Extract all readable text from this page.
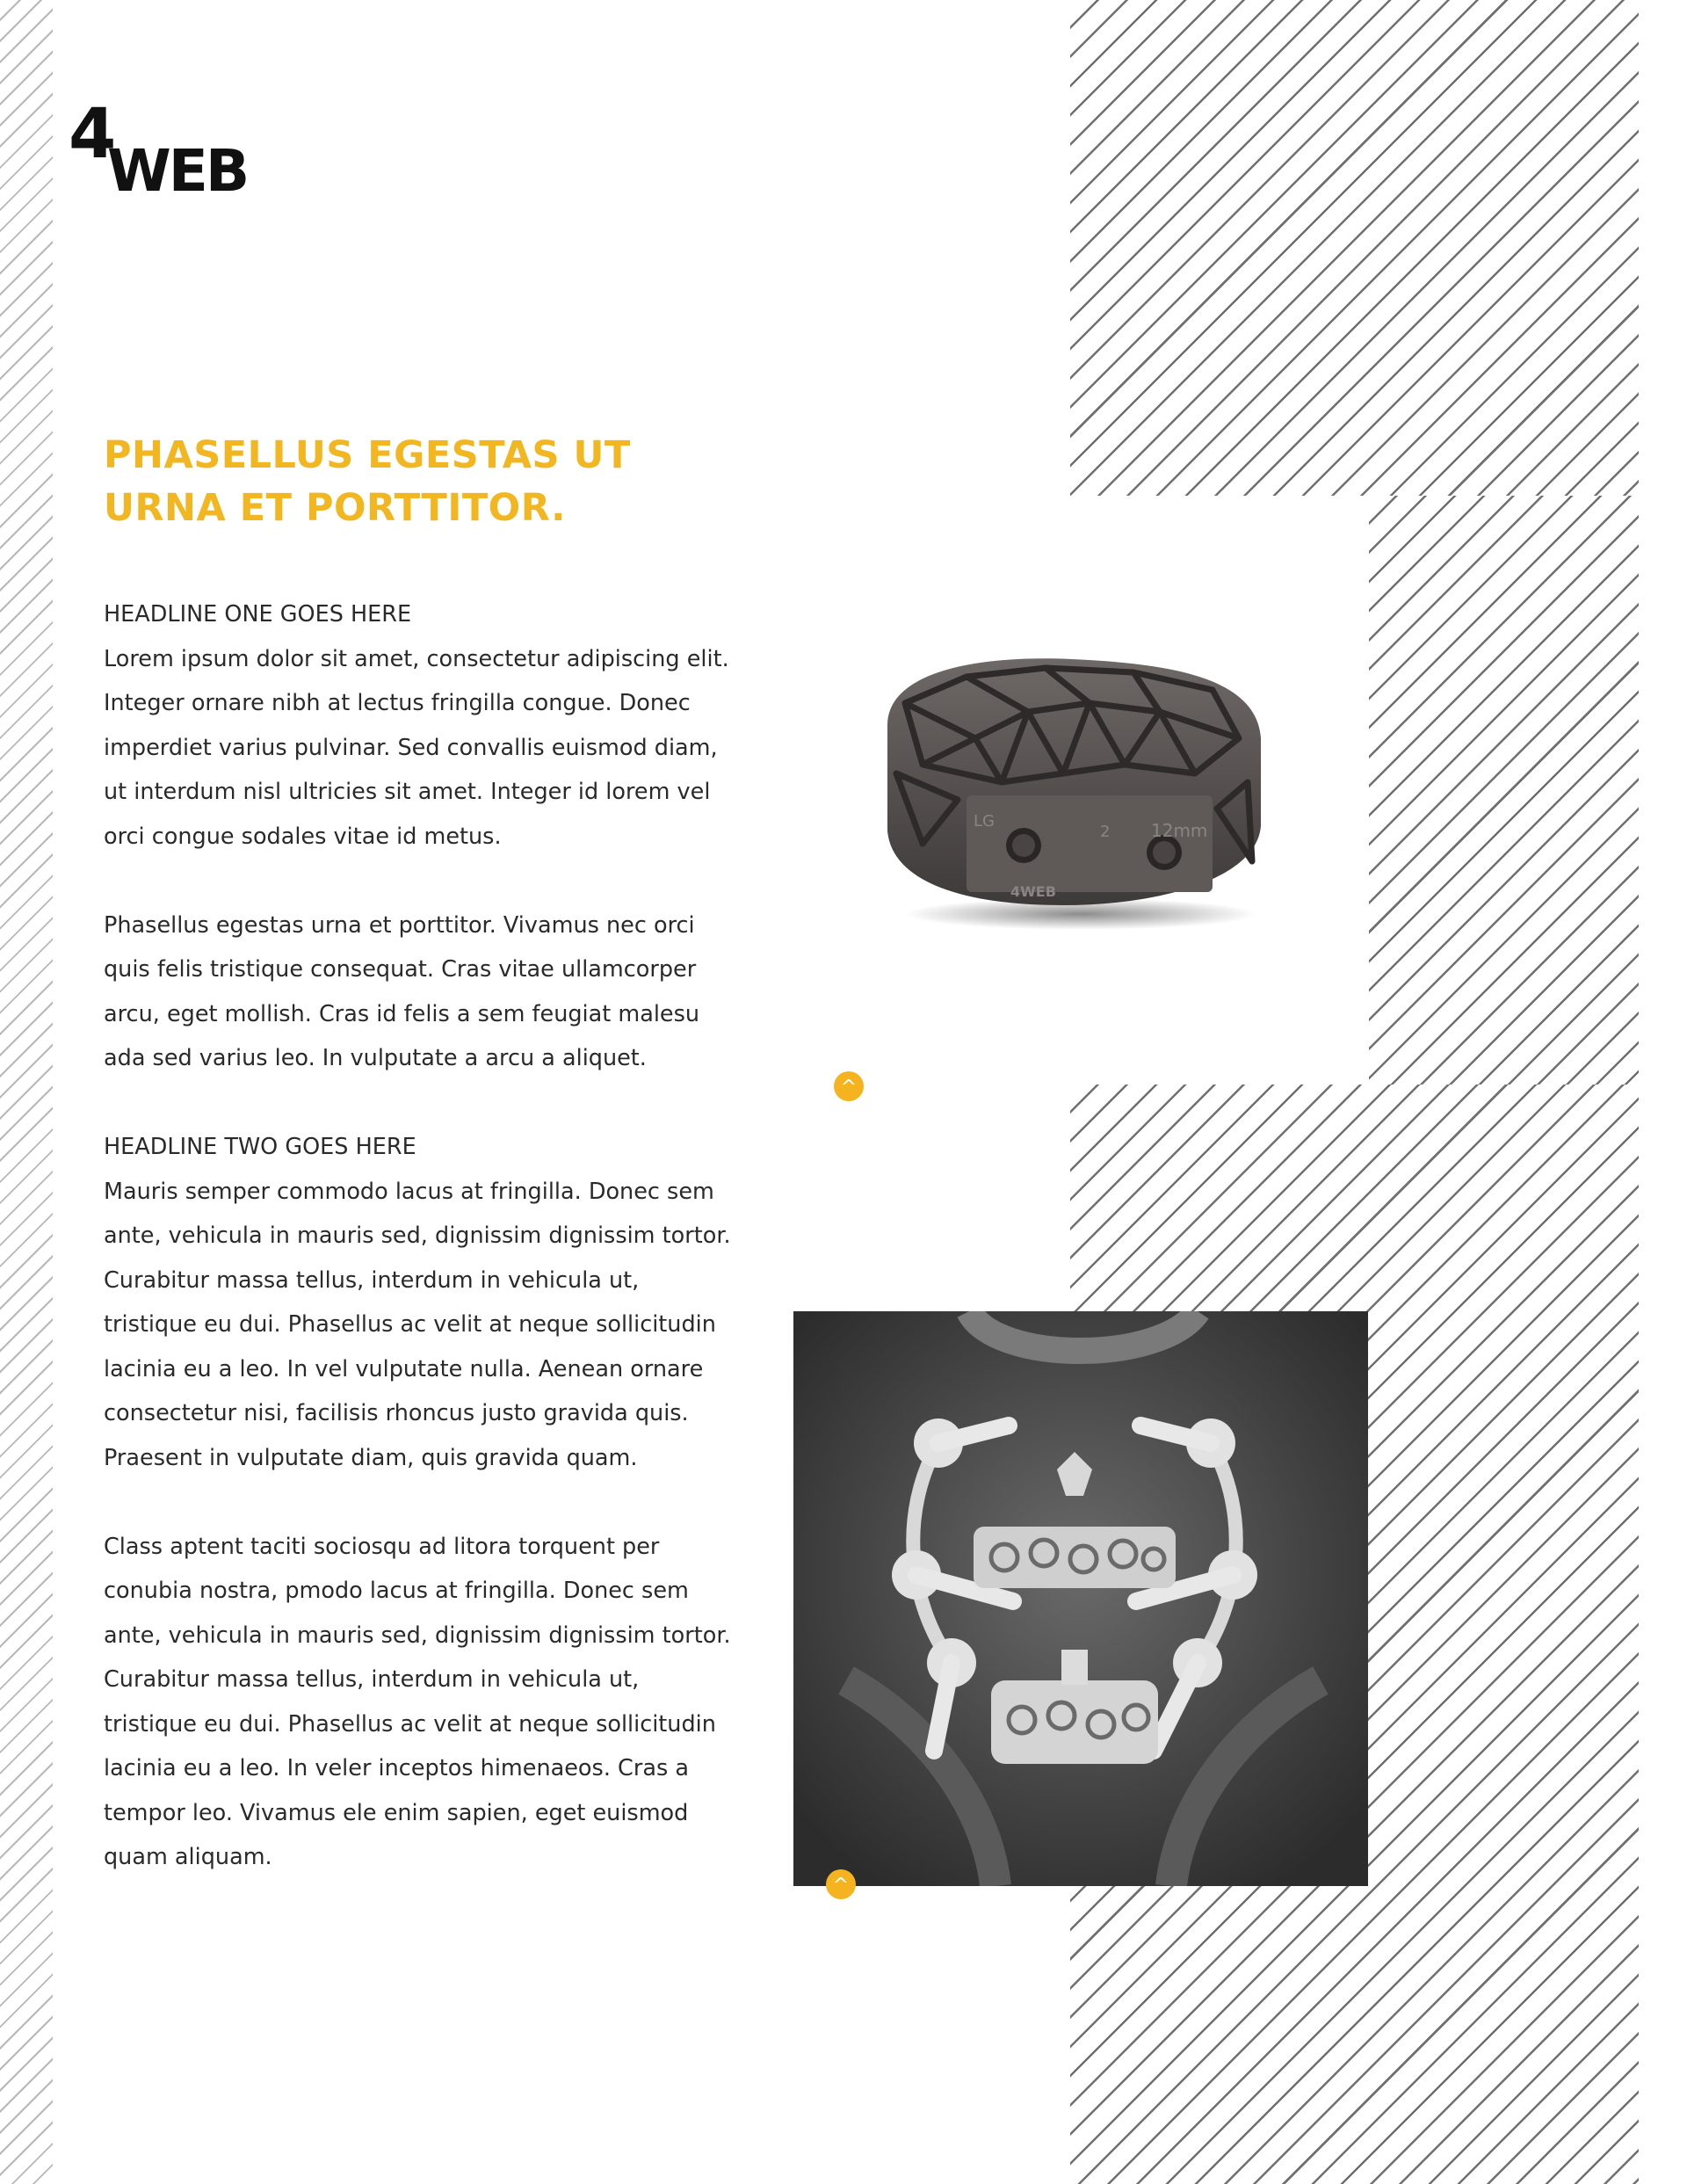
4
WEB
PHASELLUS EGESTAS UT
URNA ET PORTTITOR.

HEADLINE ONE GOES HERE

Lorem ipsum dolor sit amet, consectetur adipiscing elit.

Integer ornare nibh at lectus fringilla congue. Donec

imperdiet varius pulvinar. Sed convallis euismod diam,

ut interdum nisl ultricies sit amet. Integer id lorem vel

orci congue sodales vitae id metus.

Phasellus egestas urna et porttitor. Vivamus nec orci

quis felis tristique consequat. Cras vitae ullamcorper

arcu, eget mollish. Cras id felis a sem feugiat malesu

ada sed varius leo. In vulputate a arcu a aliquet.

HEADLINE TWO GOES HERE

Mauris semper commodo lacus at fringilla. Donec sem

ante, vehicula in mauris sed, dignissim dignissim tortor.

Curabitur massa tellus, interdum in vehicula ut,

tristique eu dui. Phasellus ac velit at neque sollicitudin

lacinia eu a leo. In vel vulputate nulla. Aenean ornare

consectetur nisi, facilisis rhoncus justo gravida quis.

Praesent in vulputate diam, quis gravida quam.

Class aptent taciti sociosqu ad litora torquent per

conubia nostra, pmodo lacus at fringilla. Donec sem

ante, vehicula in mauris sed, dignissim dignissim tortor.

Curabitur massa tellus, interdum in vehicula ut,

tristique eu dui. Phasellus ac velit at neque sollicitudin

lacinia eu a leo. In veler inceptos himenaeos. Cras a

tempor leo. Vivamus ele enim sapien, eget euismod

quam aliquam.

LG
2 12mm
4WEB
^
^
